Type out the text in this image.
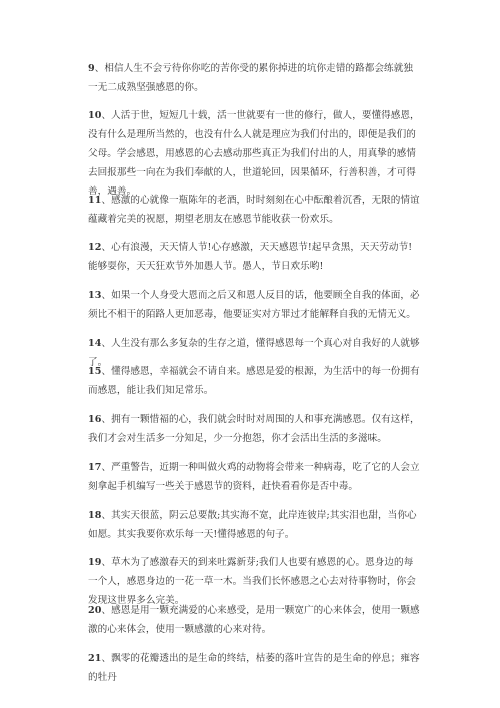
9、相信人生不会亏待你你吃的苦你受的累你掉进的坑你走错的路都会练就独一无二成熟坚强感恩的你。

10、人活于世，短短几十载，活一世就要有一世的修行，做人，要懂得感恩，没有什么是理所当然的，也没有什么人就是理应为我们付出的，即便是我们的父母。学会感恩，用感恩的心去感动那些真正为我们付出的人，用真挚的感情去回报那些一向在为我们奉献的人，世道轮回，因果循环，行善积善，才可得善，遇善。

11、感激的心就像一瓶陈年的老酒，时时刻刻在心中酝酿着沉香，无限的情谊蕴藏着完美的祝愿，期望老朋友在感恩节能收获一份欢乐。

12、心有浪漫，天天情人节!心存感激，天天感恩节!起早贪黑，天天劳动节!能够耍你，天天狂欢节外加愚人节。愚人，节日欢乐哟!

13、如果一个人身受大恩而之后又和恩人反目的话，他要顾全自我的体面，必须比不相干的陌路人更加恶毒，他要证实对方罪过才能解释自我的无情无义。

14、人生没有那么多复杂的生存之道，懂得感恩每一个真心对自我好的人就够了。

15、懂得感恩，幸福就会不请自来。感恩是爱的根源，为生活中的每一份拥有而感恩，能让我们知足常乐。

16、拥有一颗惜福的心，我们就会时时对周围的人和事充满感恩。仅有这样，我们才会对生活多一分知足，少一分抱怨，你才会活出生活的多滋味。

17、严重警告，近期一种叫做火鸡的动物将会带来一种病毒，吃了它的人会立刻拿起手机编写一些关于感恩节的资料，赶快看看你是否中毒。

18、其实天很蓝，阴云总要散;其实海不宽，此岸连彼岸;其实泪也甜，当你心如愿。其实我要你欢乐每一天!懂得感恩的句子。

19、草木为了感激春天的到来吐露新芽;我们人也要有感恩的心。恩身边的每一个人，感恩身边的一花一草一木。当我们长怀感恩之心去对待事物时，你会发现这世界多么完美。

20、感恩是用一颗充满爱的心来感受，是用一颗宽广的心来体会，使用一颗感激的心来体会，使用一颗感激的心来对待。

21、飘零的花瓣透出的是生命的终结，枯萎的落叶宣告的是生命的停息；雍容的牡丹
